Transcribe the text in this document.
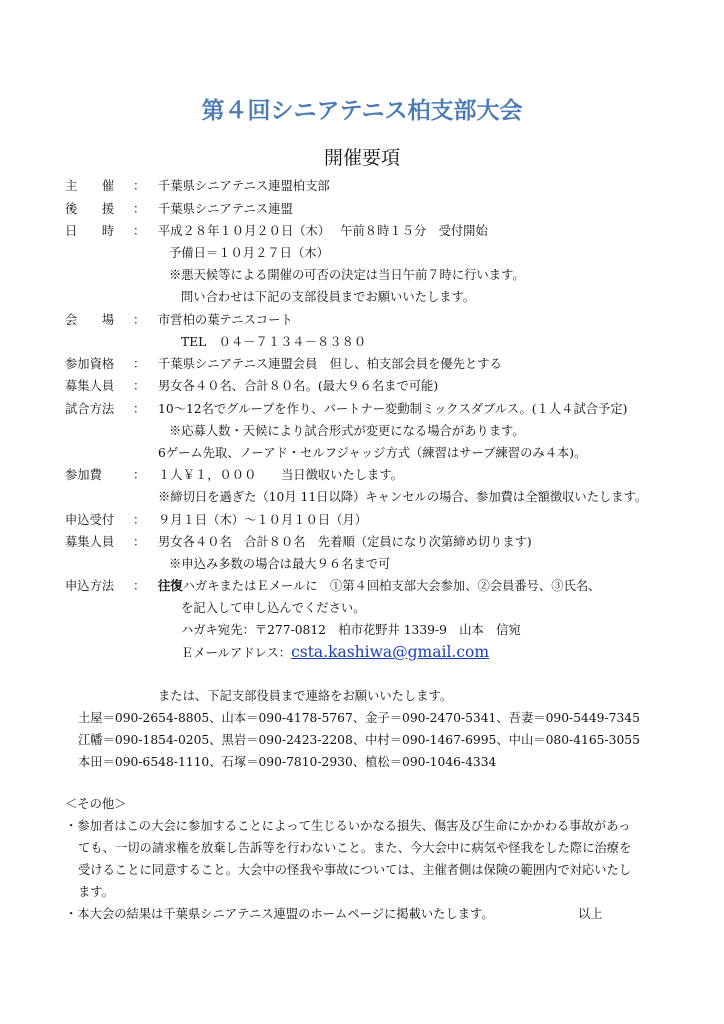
第４回シニアテニス柏支部大会
開催要項
主　　催 ： 千葉県シニアテニス連盟柏支部
後　　援 ： 千葉県シニアテニス連盟
日　　時 ： 平成２８年１０月２０日（木）　 午前８時１５分　受付開始
予備日＝１０月２７日（木）
※悪天候等による開催の可否の決定は当日午前７時に行います。
問い合わせは下記の支部役員までお願いいたします。
会　　場 ： 市営柏の葉テニスコート
TEL　０４－７１３４－８３８０
参加資格 ： 千葉県シニアテニス連盟会員　但し、柏支部会員を優先とする
募集人員 ： 男女各４０名、合計８０名。(最大９６名まで可能)
試合方法 ： 10～12名でグループを作り、パートナー変動制ミックスダブルス。(１人４試合予定)
※応募人数・天候により試合形式が変更になる場合があります。
6ゲーム先取、ノーアド・セルフジャッジ方式（練習はサーブ練習のみ４本)。
参加費	： １人￥１，０００　　当日徴収いたします。
※締切日を過ぎた（10月 11日以降）キャンセルの場合、参加費は全額徴収いたします。
申込受付 ： ９月１日（木）～１０月１０日（月）
募集人員 ： 男女各４０名　合計８０名　先着順（定員になり次第締め切ります)
※申込み多数の場合は最大９６名まで可
申込方法 ： 往復ハガキまたはＥメールに　①第４回柏支部大会参加、②会員番号、③氏名、
を記入して申し込んでください。
ハガキ宛先：〒277-0812　柏市花野井 1339-9　山本　信宛
Ｅメールアドレス：csta.kashiwa@gmail.com
または、下記支部役員まで連絡をお願いいたします。
土屋＝090-2654-8805、山本＝090-4178-5767、金子＝090-2470-5341、吾妻＝090-5449-7345
江幡＝090-1854-0205、黒岩＝090-2423-2208、中村＝090-1467-6995、中山＝080-4165-3055
本田＝090-6548-1110、石塚＝090-7810-2930、植松＝090-1046-4334
＜その他＞
・参加者はこの大会に参加することによって生じるいかなる損失、傷害及び生命にかかわる事故があっ
ても、一切の請求権を放棄し告訴等を行わないこと。また、今大会中に病気や怪我をした際に治療を
受けることに同意すること。大会中の怪我や事故については、主催者側は保険の範囲内で対応いたし
ます。
・本大会の結果は千葉県シニアテニス連盟のホームページに掲載いたします。	以上
